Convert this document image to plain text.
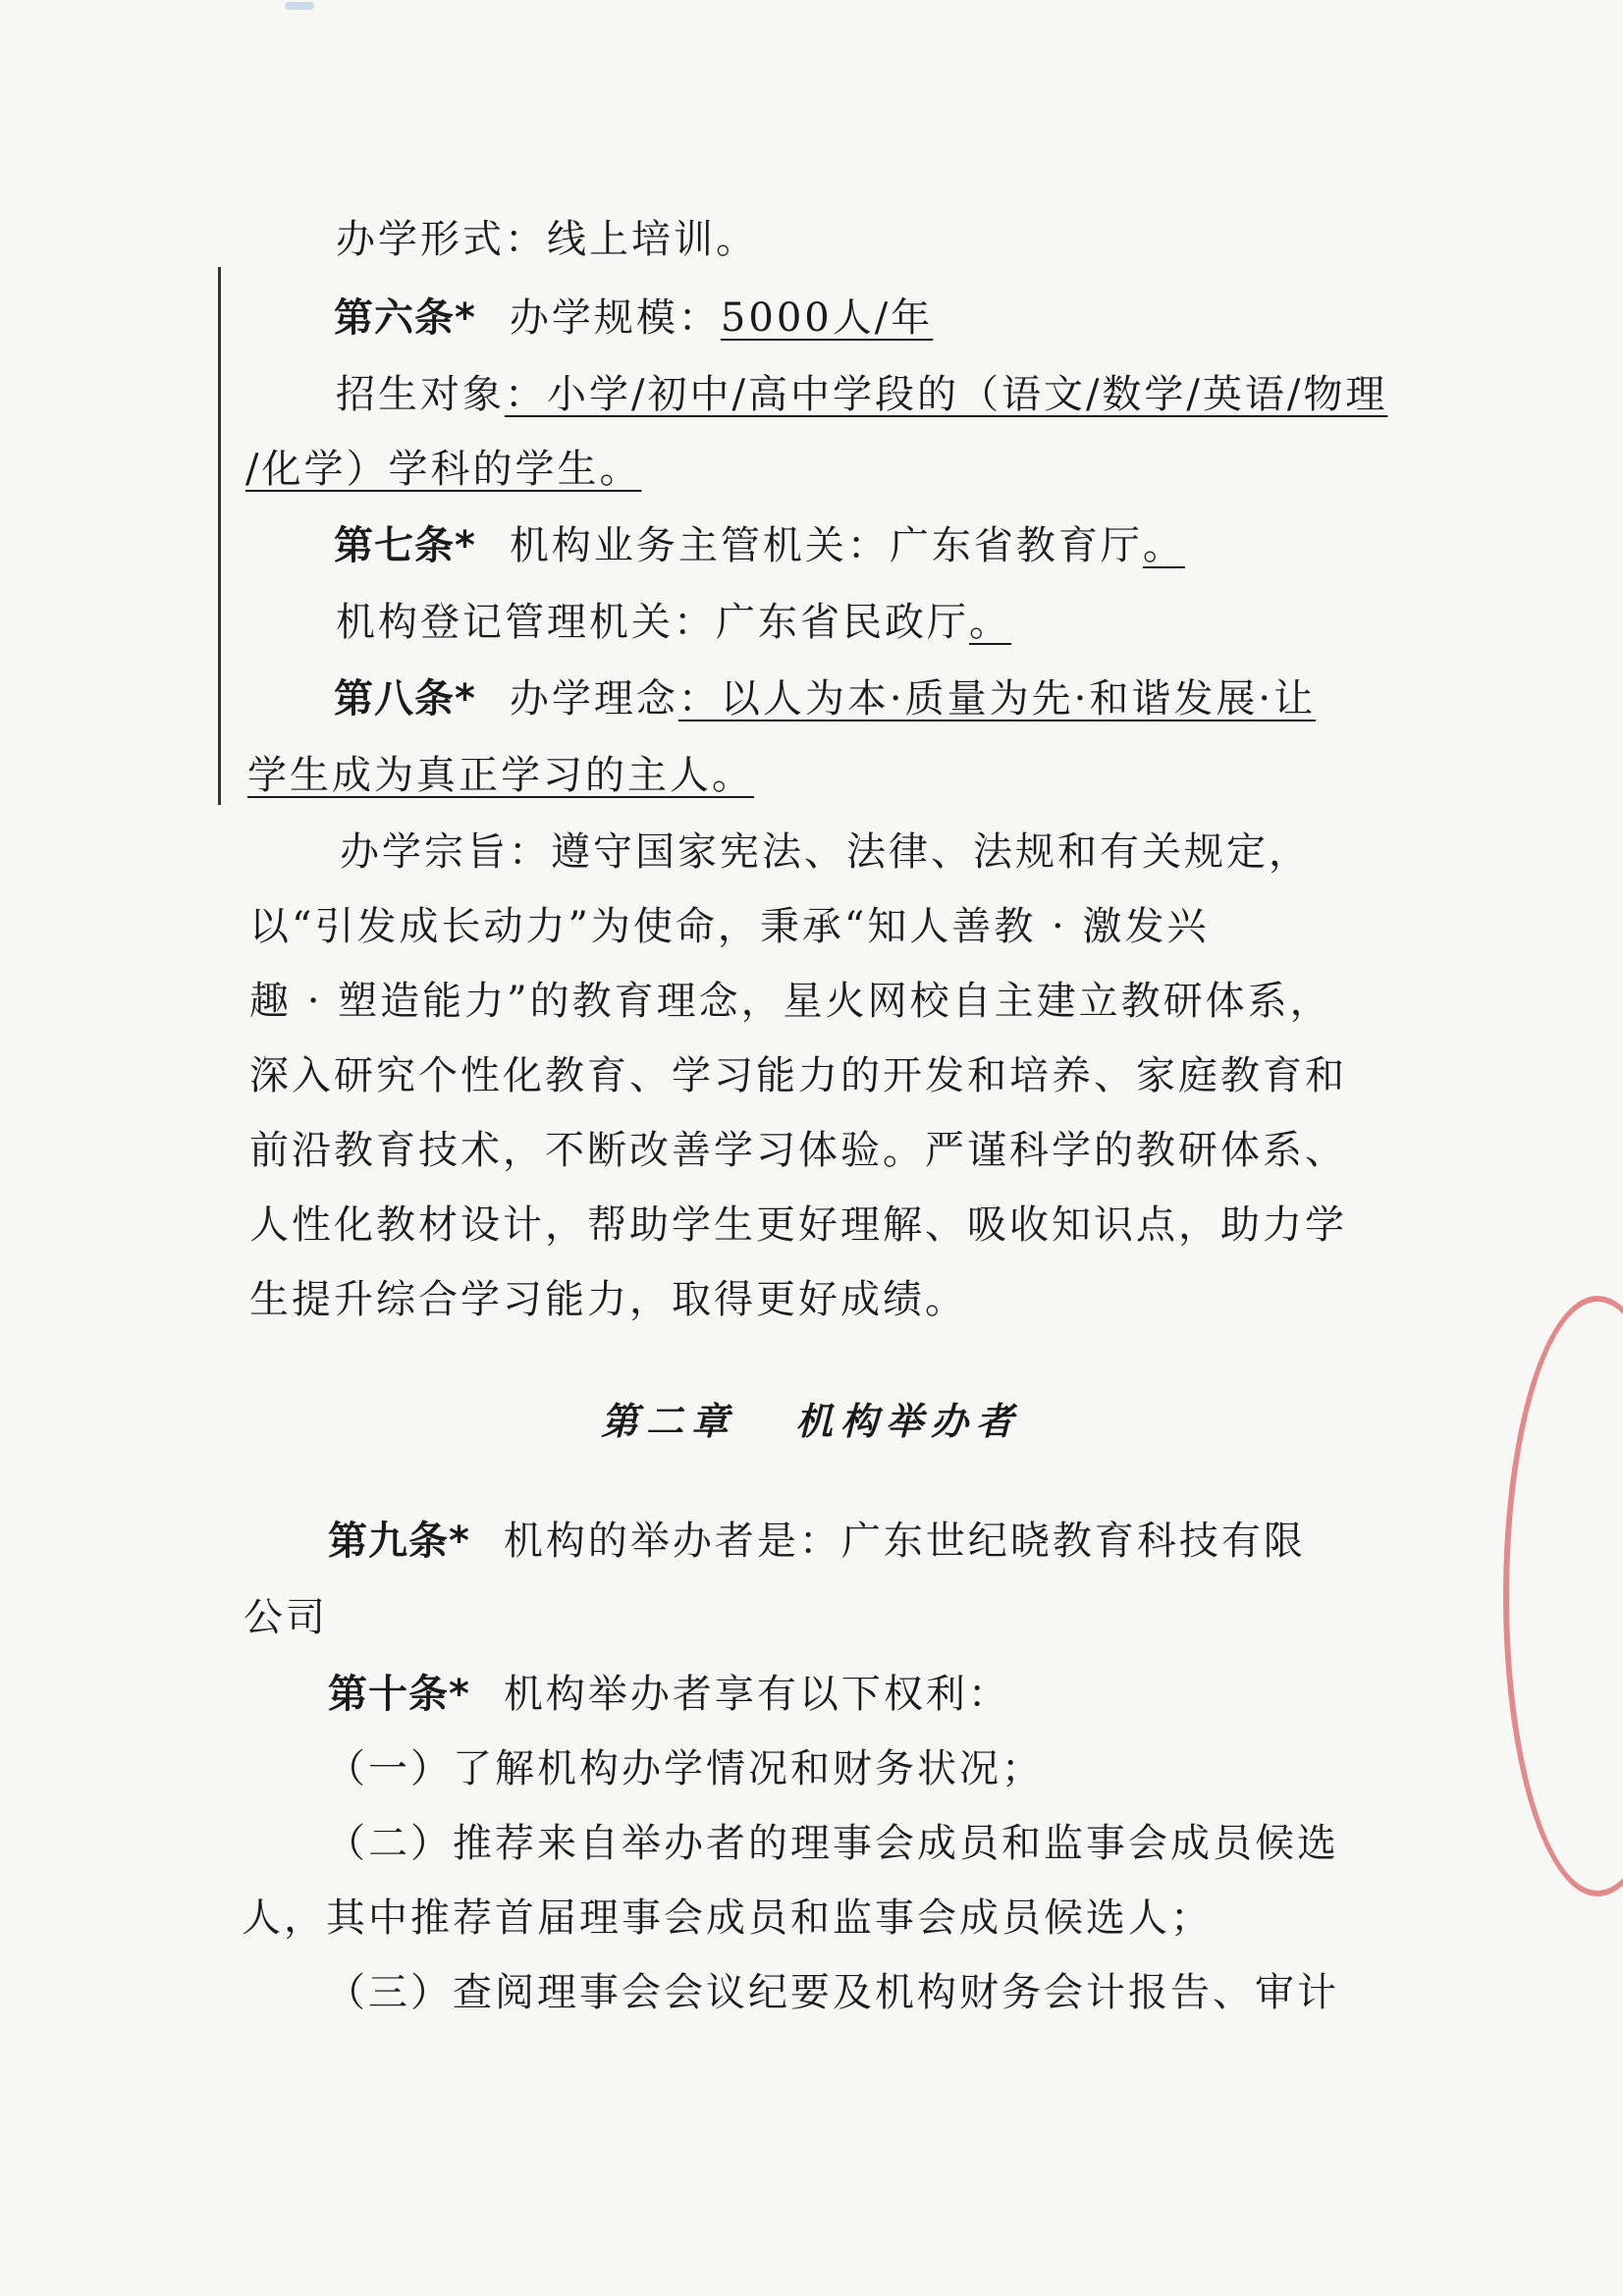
办学形式：线上培训。
第六条* 办学规模：5000人/年
招生对象：小学/初中/高中学段的（语文/数学/英语/物理
/化学）学科的学生。
第七条* 机构业务主管机关：广东省教育厅。
机构登记管理机关：广东省民政厅。
第八条* 办学理念：以人为本·质量为先·和谐发展·让
学生成为真正学习的主人。
办学宗旨：遵守国家宪法、法律、法规和有关规定，
以“引发成长动力”为使命，秉承“知人善教 · 激发兴
趣 · 塑造能力”的教育理念，星火网校自主建立教研体系，
深入研究个性化教育、学习能力的开发和培养、家庭教育和
前沿教育技术，不断改善学习体验。严谨科学的教研体系、
人性化教材设计，帮助学生更好理解、吸收知识点，助力学
生提升综合学习能力，取得更好成绩。
第二章 机构举办者
第九条* 机构的举办者是：广东世纪晓教育科技有限
公司
第十条* 机构举办者享有以下权利：
（一）了解机构办学情况和财务状况；
（二）推荐来自举办者的理事会成员和监事会成员候选
人，其中推荐首届理事会成员和监事会成员候选人；
（三）查阅理事会会议纪要及机构财务会计报告、审计
